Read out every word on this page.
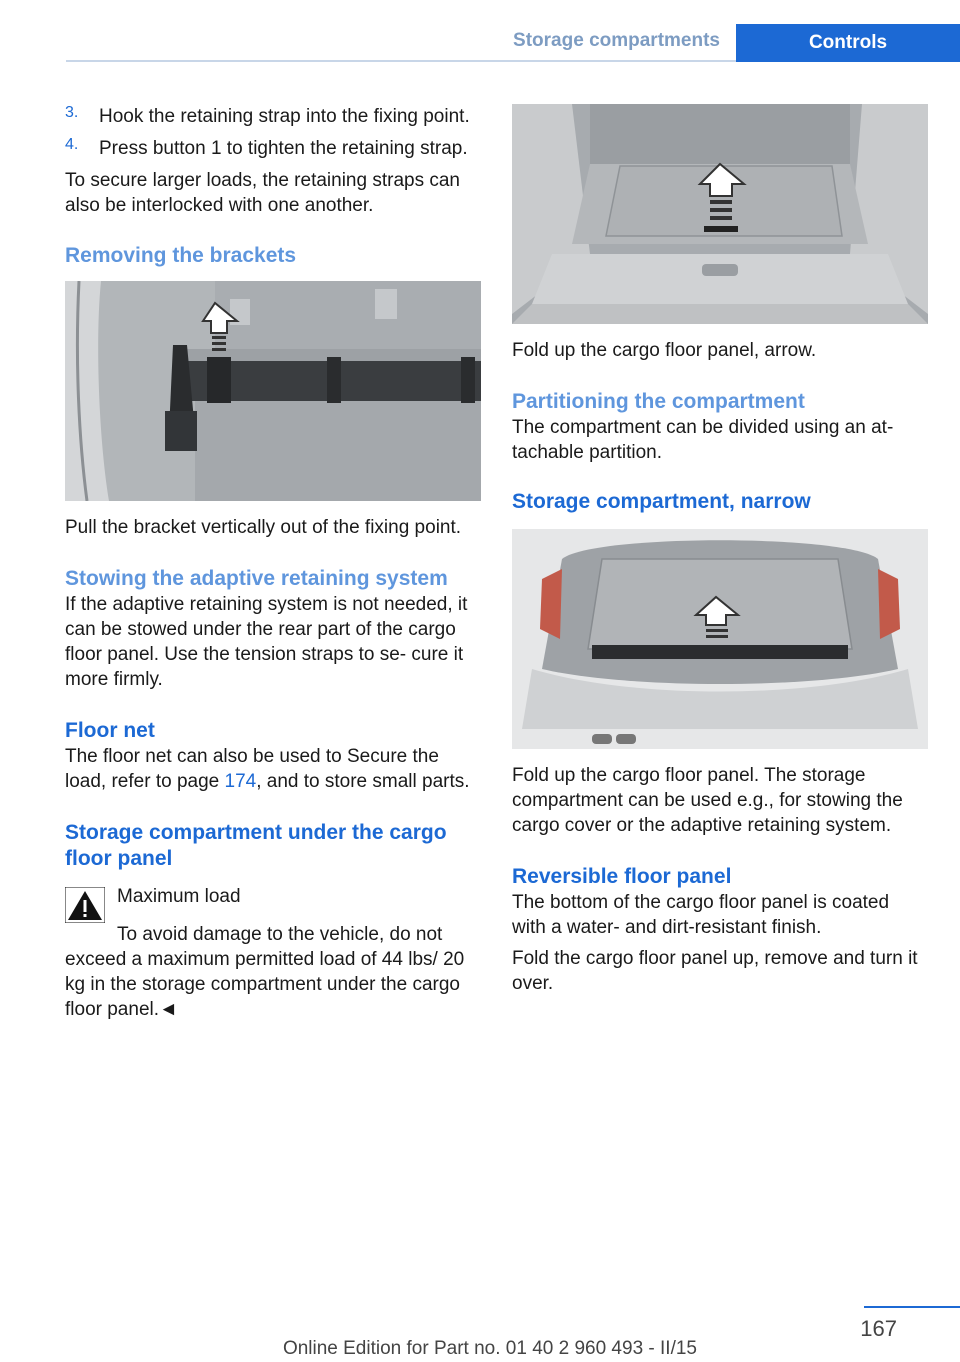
Storage compartments	Controls
3.	Hook the retaining strap into the fixing point.

4.	Press button 1 to tighten the retaining strap.

To secure larger loads, the retaining straps can also be interlocked with one another.

Removing the brackets

Pull the bracket vertically out of the fixing point.

Stowing the adaptive retaining system

If the adaptive retaining system is not needed, it can be stowed under the rear part of the cargo floor panel. Use the tension straps to se‐ cure it more firmly.

Floor net

The floor net can also be used to Secure the load, refer to page 174, and to store small parts.

Storage compartment under the cargo floor panel

Maximum load

To avoid damage to the vehicle, do not exceed a maximum permitted load of 44 lbs/ 20 kg in the storage compartment under the cargo floor panel.◄

Fold up the cargo floor panel, arrow.

Partitioning the compartment

The compartment can be divided using an at‐ tachable partition.

Storage compartment, narrow

Fold up the cargo floor panel. The storage compartment can be used e.g., for stowing the cargo cover or the adaptive retaining system.

Reversible floor panel

The bottom of the cargo floor panel is coated with a water- and dirt-resistant finish.

Fold the cargo floor panel up, remove and turn it over.

167
Online Edition for Part no. 01 40 2 960 493 - II/15
